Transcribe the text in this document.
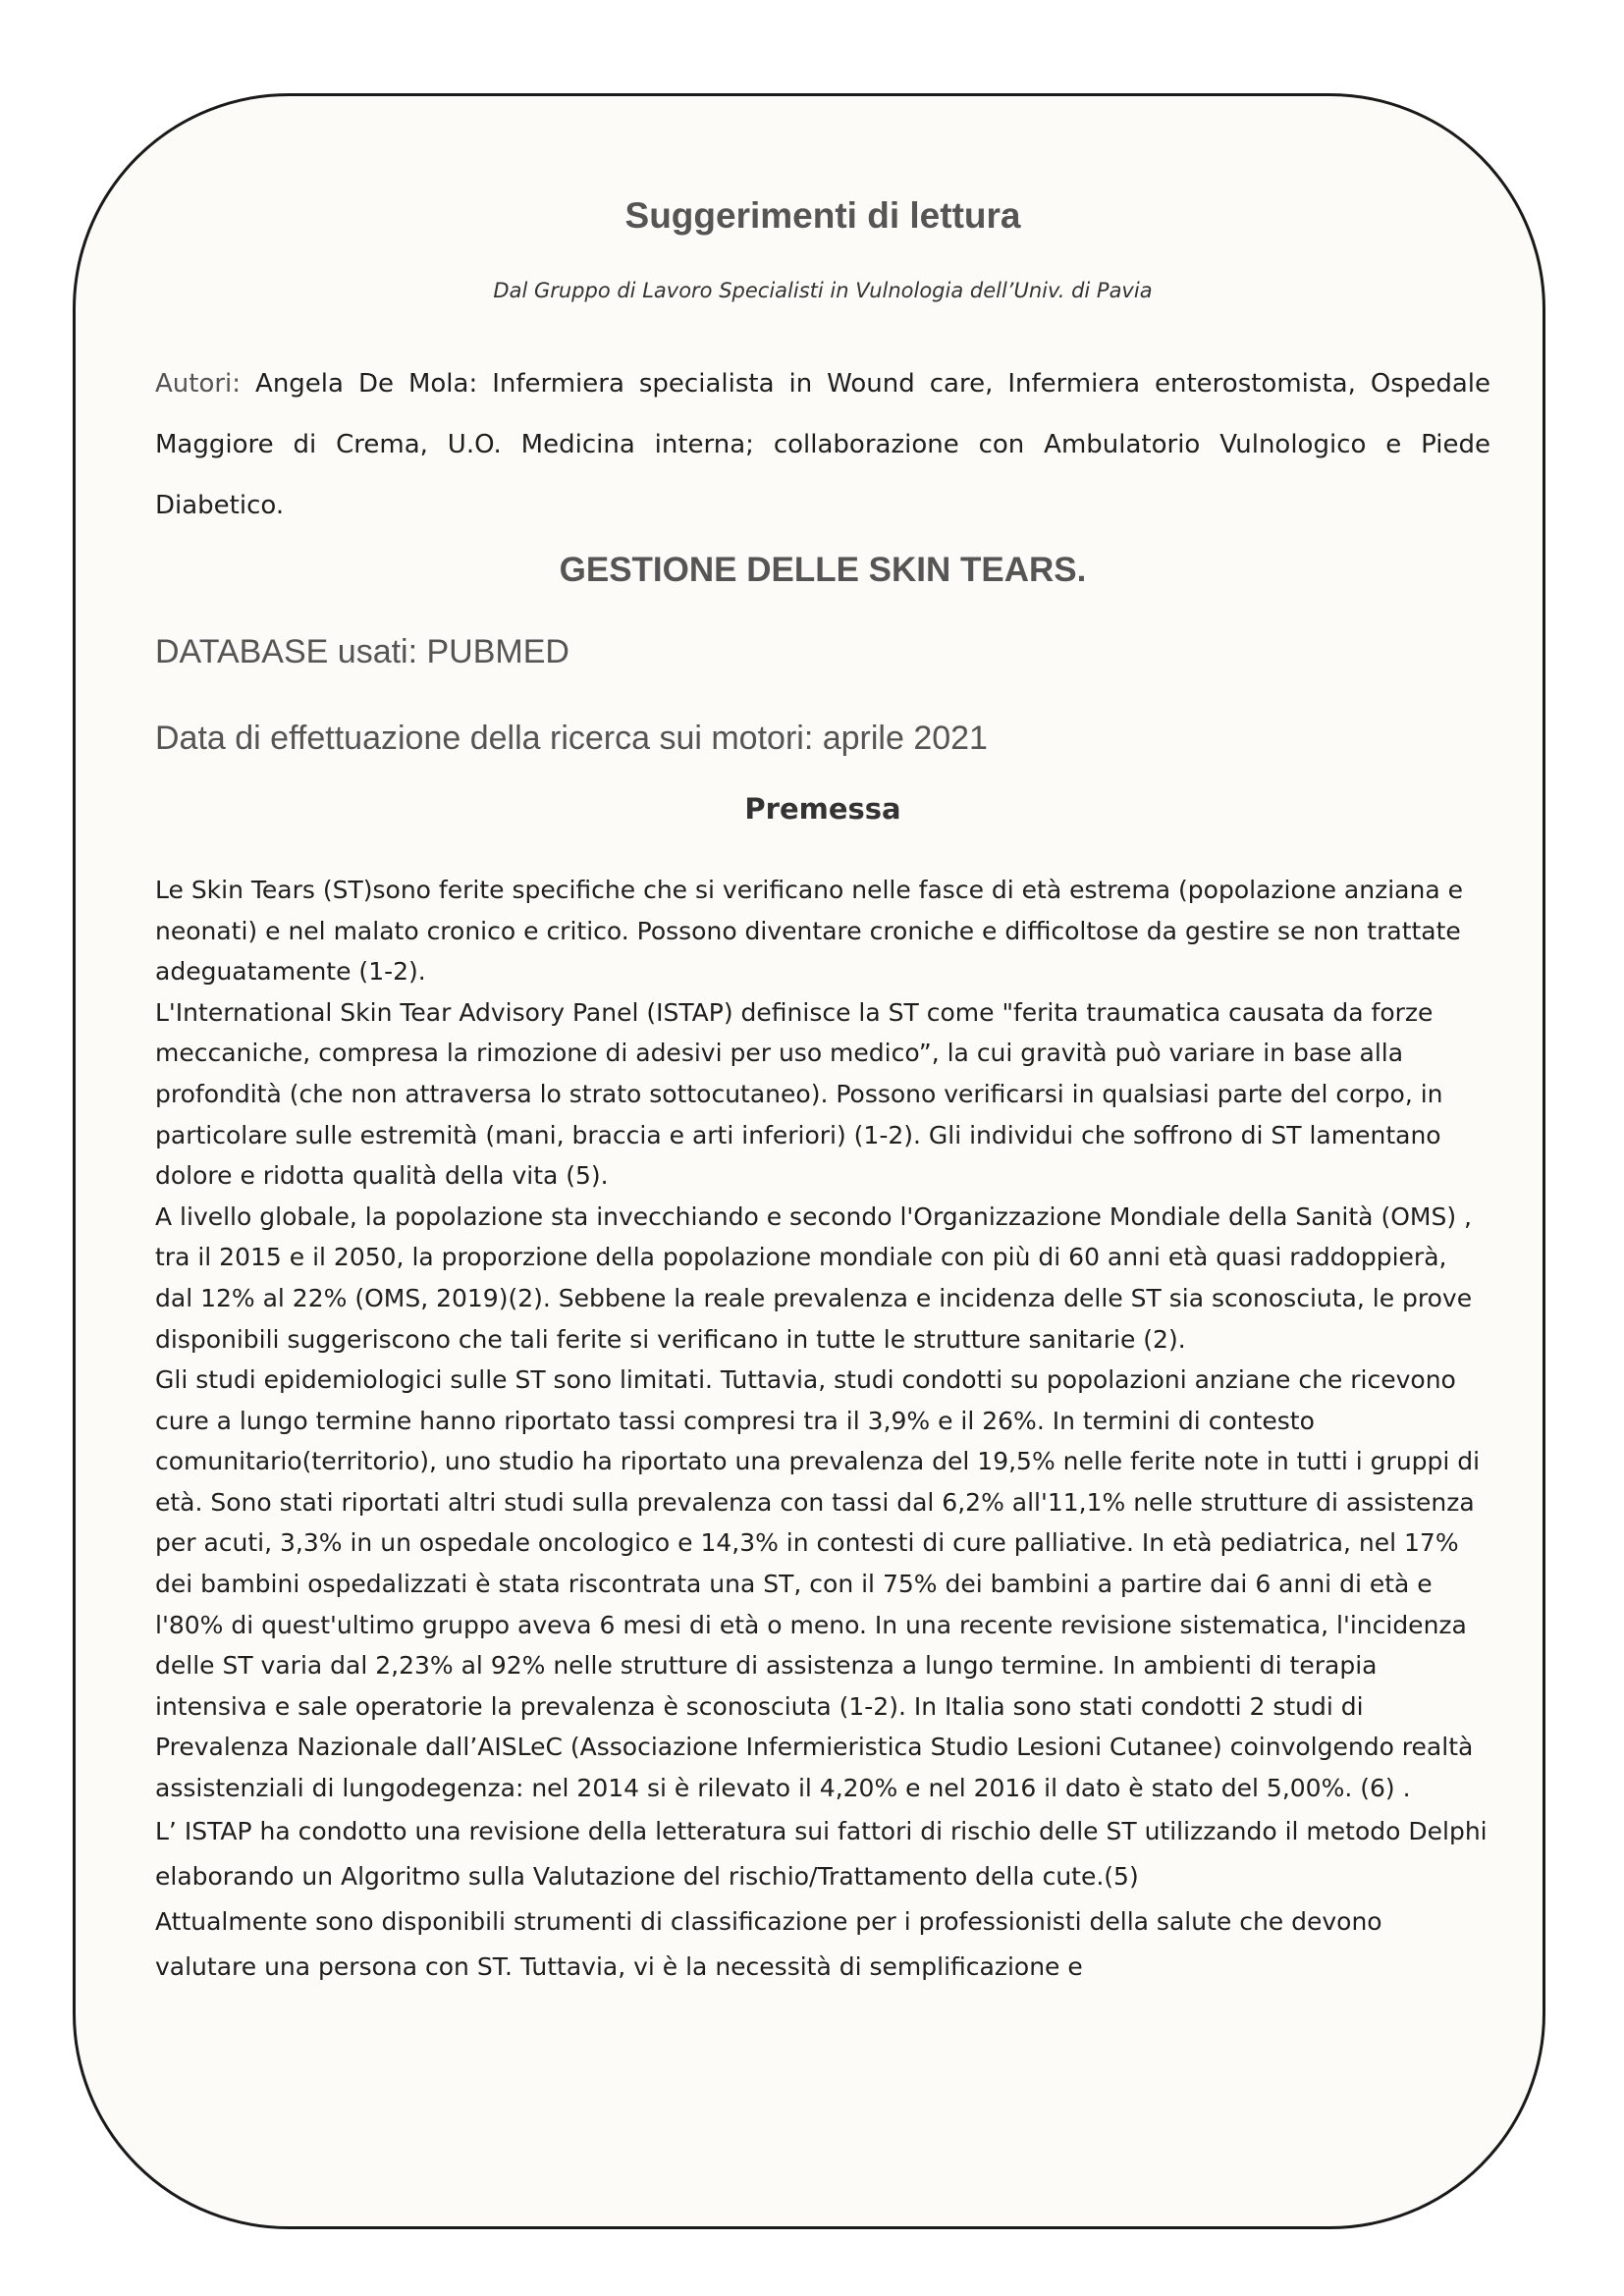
Suggerimenti di lettura

Dal Gruppo di Lavoro Specialisti in Vulnologia dell’Univ. di Pavia

Autori: Angela De Mola: Infermiera specialista in Wound care, Infermiera enterostomista, Ospedale Maggiore di Crema, U.O. Medicina interna; collaborazione con Ambulatorio Vulnologico e Piede Diabetico.

GESTIONE DELLE SKIN TEARS.

DATABASE usati: PUBMED

Data di effettuazione della ricerca sui motori: aprile 2021

Premessa

Le Skin Tears (ST)sono ferite specifiche che si verificano nelle fasce di età estrema (popolazione anziana e neonati) e nel malato cronico e critico. Possono diventare croniche e difficoltose da gestire se non trattate adeguatamente (1-2).

L'International Skin Tear Advisory Panel (ISTAP) definisce la ST come "ferita traumatica causata da forze meccaniche, compresa la rimozione di adesivi per uso medico”, la cui gravità può variare in base alla profondità (che non attraversa lo strato sottocutaneo). Possono verificarsi in qualsiasi parte del corpo, in particolare sulle estremità (mani, braccia e arti inferiori) (1-2). Gli individui che soffrono di ST lamentano dolore e ridotta qualità della vita (5).

A livello globale, la popolazione sta invecchiando e secondo l'Organizzazione Mondiale della Sanità (OMS) , tra il 2015 e il 2050, la proporzione della popolazione mondiale con più di 60 anni età quasi raddoppierà, dal 12% al 22% (OMS, 2019)(2). Sebbene la reale prevalenza e incidenza delle ST sia sconosciuta, le prove disponibili suggeriscono che tali ferite si verificano in tutte le strutture sanitarie (2).

Gli studi epidemiologici sulle ST sono limitati. Tuttavia, studi condotti su popolazioni anziane che ricevono cure a lungo termine hanno riportato tassi compresi tra il 3,9% e il 26%. In termini di contesto comunitario(territorio), uno studio ha riportato una prevalenza del 19,5% nelle ferite note in tutti i gruppi di età. Sono stati riportati altri studi sulla prevalenza con tassi dal 6,2% all'11,1% nelle strutture di assistenza per acuti, 3,3% in un ospedale oncologico e 14,3% in contesti di cure palliative. In età pediatrica, nel 17% dei bambini ospedalizzati è stata riscontrata una ST, con il 75% dei bambini a partire dai 6 anni di età e l'80% di quest'ultimo gruppo aveva 6 mesi di età o meno. In una recente revisione sistematica, l'incidenza delle ST varia dal 2,23% al 92% nelle strutture di assistenza a lungo termine. In ambienti di terapia intensiva e sale operatorie la prevalenza è sconosciuta (1-2). In Italia sono stati condotti 2 studi di Prevalenza Nazionale dall’AISLeC (Associazione Infermieristica Studio Lesioni Cutanee) coinvolgendo realtà assistenziali di lungodegenza: nel 2014 si è rilevato il 4,20% e nel 2016 il dato è stato del 5,00%. (6) .

L’ ISTAP ha condotto una revisione della letteratura sui fattori di rischio delle ST utilizzando il metodo Delphi elaborando un Algoritmo sulla Valutazione del rischio/Trattamento della cute.(5)

Attualmente sono disponibili strumenti di classificazione per i professionisti della salute che devono valutare una persona con ST. Tuttavia, vi è la necessità di semplificazione e
